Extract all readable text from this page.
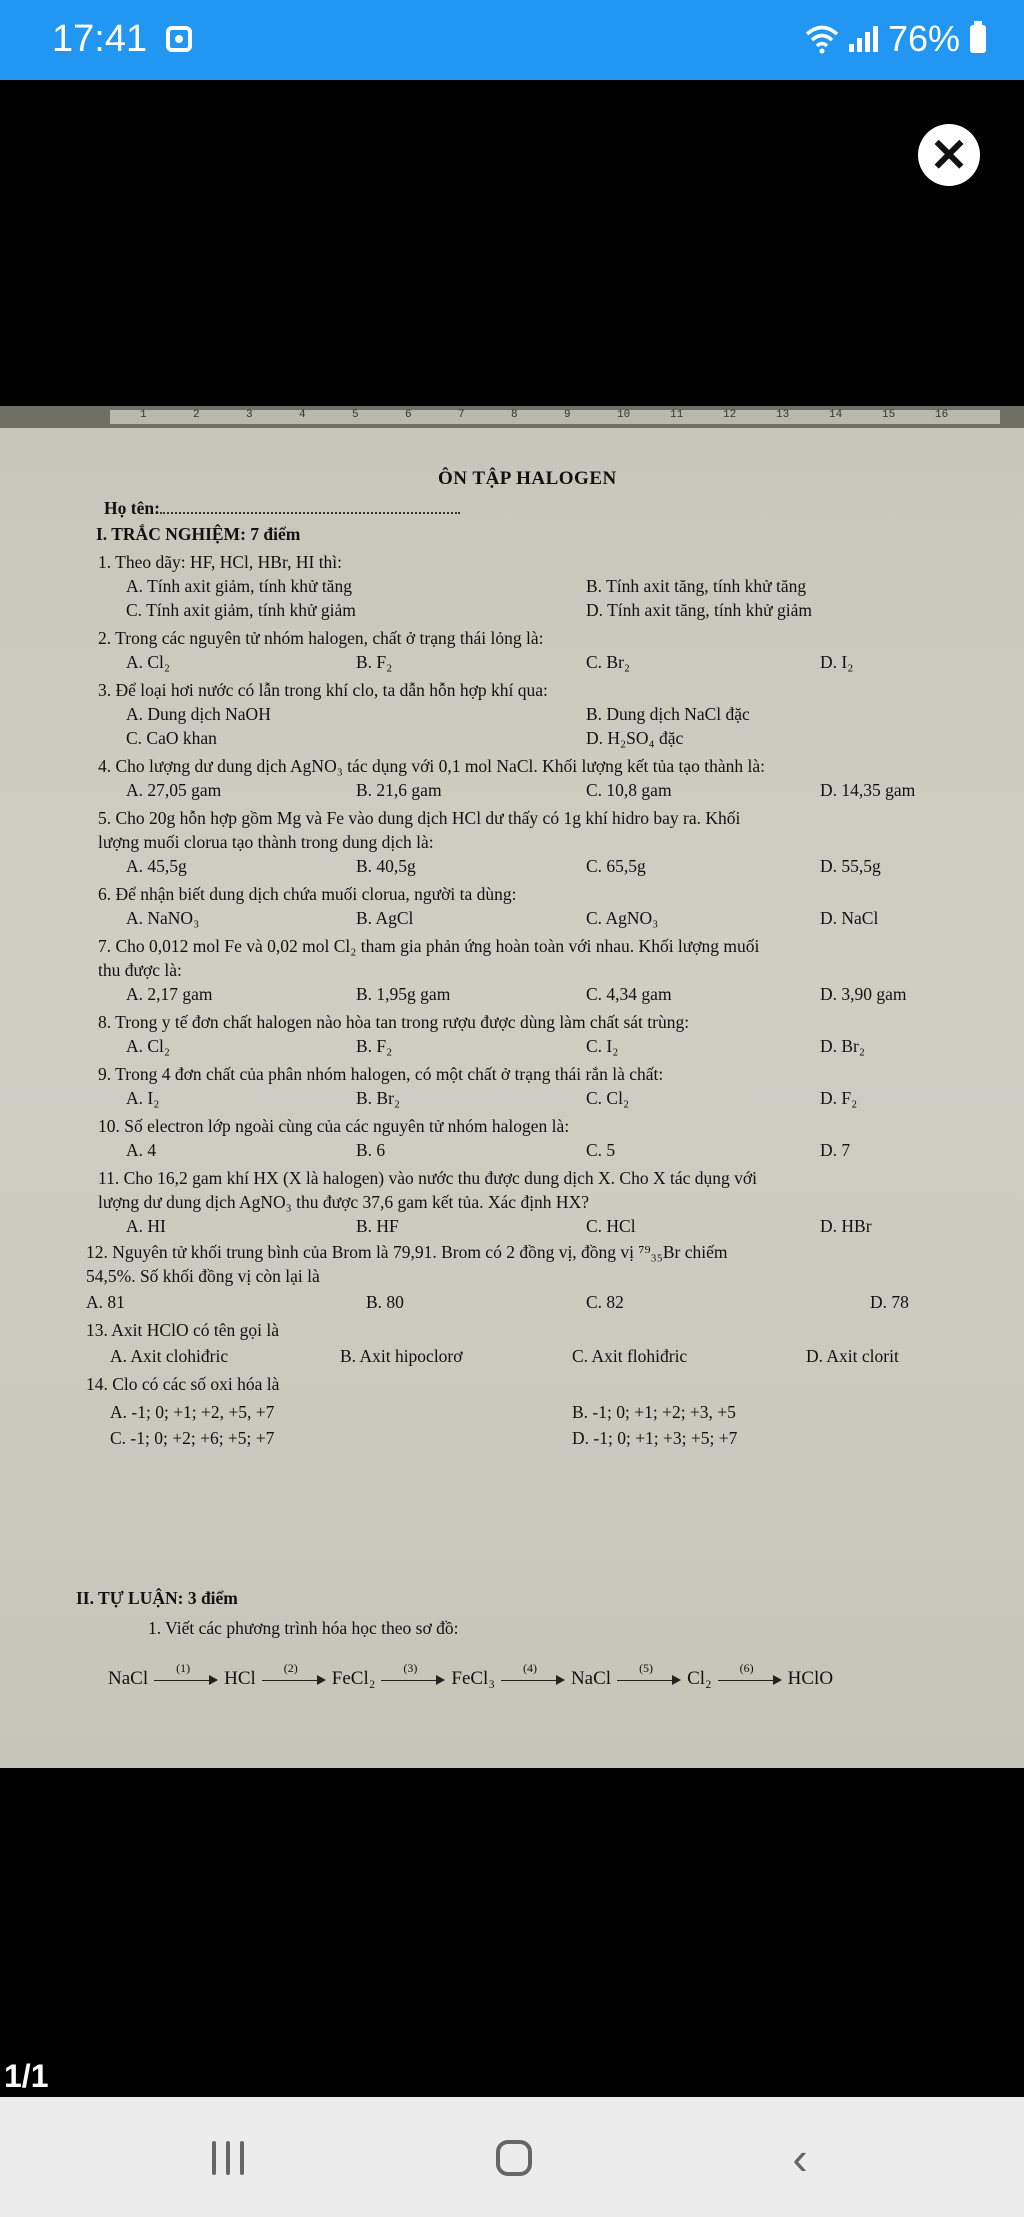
17:41	76%
✕
1	2	3	4	5	6	7	8	9	10	11	12	13	14	15	16
ÔN TẬP HALOGEN
Họ tên:
I. TRẮC NGHIỆM: 7 điểm
1. Theo dãy: HF, HCl, HBr, HI thì:
A. Tính axit giảm, tính khử tăng	B. Tính axit tăng, tính khử tăng
C. Tính axit giảm, tính khử giảm	D. Tính axit tăng, tính khử giảm
2. Trong các nguyên tử nhóm halogen, chất ở trạng thái lỏng là:
A. Cl₂	B. F₂	C. Br₂	D. I₂
3. Để loại hơi nước có lẫn trong khí clo, ta dẫn hỗn hợp khí qua:
A. Dung dịch NaOH	B. Dung dịch NaCl đặc
C. CaO khan	D. H₂SO₄ đặc
4. Cho lượng dư dung dịch AgNO₃ tác dụng với 0,1 mol NaCl. Khối lượng kết tủa tạo thành là:
A. 27,05 gam	B. 21,6 gam	C. 10,8 gam	D. 14,35 gam
5. Cho 20g hỗn hợp gồm Mg và Fe vào dung dịch HCl dư thấy có 1g khí hidro bay ra. Khối
lượng muối clorua tạo thành trong dung dịch là:
A. 45,5g	B. 40,5g	C. 65,5g	D. 55,5g
6. Để nhận biết dung dịch chứa muối clorua, người ta dùng:
A. NaNO₃	B. AgCl	C. AgNO₃	D. NaCl
7. Cho 0,012 mol Fe và 0,02 mol Cl₂ tham gia phản ứng hoàn toàn với nhau. Khối lượng muối
thu được là:
A. 2,17 gam	B. 1,95g gam	C. 4,34 gam	D. 3,90 gam
8. Trong y tế đơn chất halogen nào hòa tan trong rượu được dùng làm chất sát trùng:
A. Cl₂	B. F₂	C. I₂	D. Br₂
9. Trong 4 đơn chất của phân nhóm halogen, có một chất ở trạng thái rắn là chất:
A. I₂	B. Br₂	C. Cl₂	D. F₂
10. Số electron lớp ngoài cùng của các nguyên tử nhóm halogen là:
A. 4	B. 6	C. 5	D. 7
11. Cho 16,2 gam khí HX (X là halogen) vào nước thu được dung dịch X. Cho X tác dụng với
lượng dư dung dịch AgNO₃ thu được 37,6 gam kết tủa. Xác định HX?
A. HI	B. HF	C. HCl	D. HBr
12. Nguyên tử khối trung bình của Brom là 79,91. Brom có 2 đồng vị, đồng vị ⁷⁹₃₅Br chiếm
54,5%. Số khối đồng vị còn lại là
A. 81	B. 80	C. 82	D. 78
13. Axit HClO có tên gọi là
A. Axit clohiđric	B. Axit hipoclorơ	C. Axit flohiđric	D. Axit clorit
14. Clo có các số oxi hóa là
A. -1; 0; +1; +2, +5, +7	B. -1; 0; +1; +2; +3, +5
C. -1; 0; +2; +6; +5; +7	D. -1; 0; +1; +3; +5; +7
II. TỰ LUẬN: 3 điểm
1. Viết các phương trình hóa học theo sơ đồ:
NaCl (1) HCl (2) FeCl₂ (3) FeCl₃ (4) NaCl (5) Cl₂ (6) HClO
1/1
‹
